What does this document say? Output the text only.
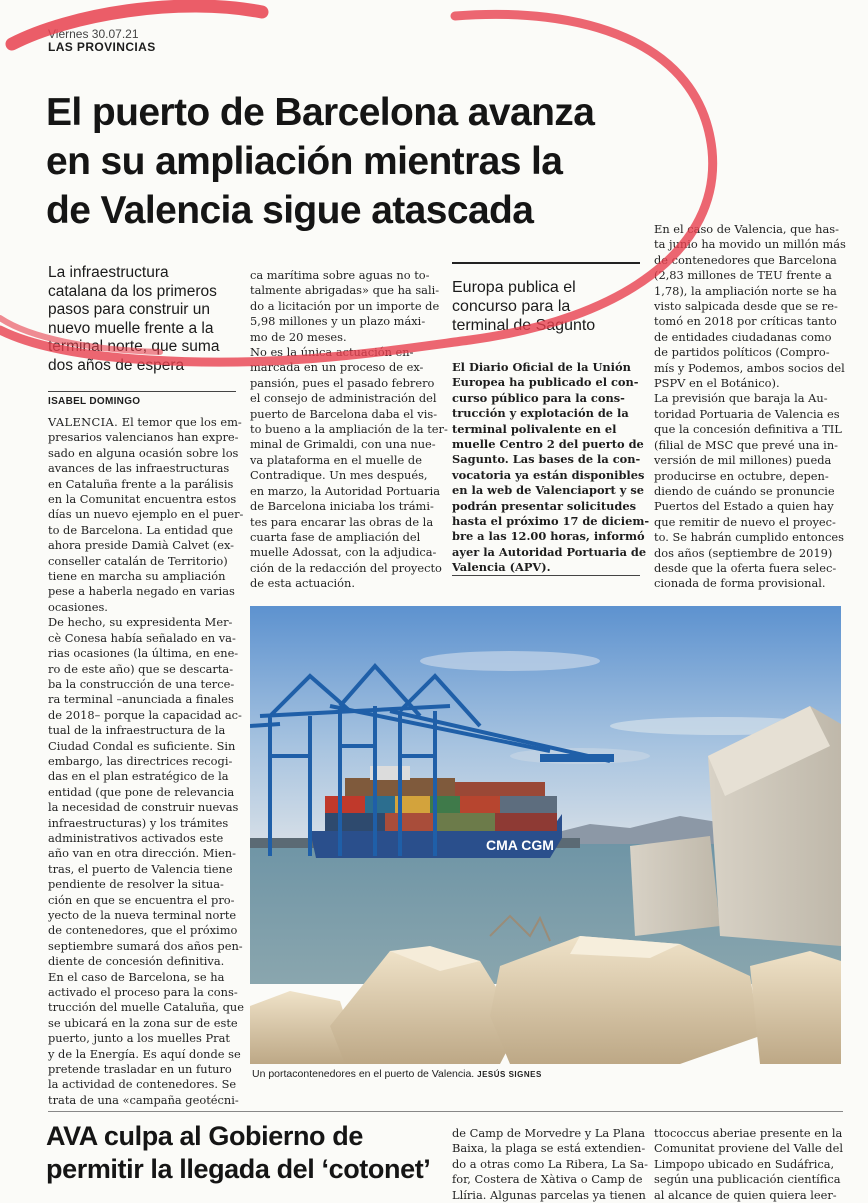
Viernes 30.07.21
LAS PROVINCIAS
El puerto de Barcelona avanza
en su ampliación mientras la
de Valencia sigue atascada
La infraestructura
catalana da los primeros
pasos para construir un
nuevo muelle frente a la
terminal norte, que suma
dos años de espera
ISABEL DOMINGO
VALENCIA. El temor que los em-
presarios valencianos han expre-
sado en alguna ocasión sobre los
avances de las infraestructuras
en Cataluña frente a la parálisis
en la Comunitat encuentra estos
días un nuevo ejemplo en el puer-
to de Barcelona. La entidad que
ahora preside Damià Calvet (ex-
conseller catalán de Territorio)
tiene en marcha su ampliación
pese a haberla negado en varias
ocasiones.
De hecho, su expresidenta Mer-
cè Conesa había señalado en va-
rias ocasiones (la última, en ene-
ro de este año) que se descarta-
ba la construcción de una terce-
ra terminal –anunciada a finales
de 2018– porque la capacidad ac-
tual de la infraestructura de la
Ciudad Condal es suficiente. Sin
embargo, las directrices recogi-
das en el plan estratégico de la
entidad (que pone de relevancia
la necesidad de construir nuevas
infraestructuras) y los trámites
administrativos activados este
año van en otra dirección. Mien-
tras, el puerto de Valencia tiene
pendiente de resolver la situa-
ción en que se encuentra el pro-
yecto de la nueva terminal norte
de contenedores, que el próximo
septiembre sumará dos años pen-
diente de concesión definitiva.
En el caso de Barcelona, se ha
activado el proceso para la cons-
trucción del muelle Cataluña, que
se ubicará en la zona sur de este
puerto, junto a los muelles Prat
y de la Energía. Es aquí donde se
pretende trasladar en un futuro
la actividad de contenedores. Se
trata de una «campaña geotécni-
ca marítima sobre aguas no to-
talmente abrigadas» que ha sali-
do a licitación por un importe de
5,98 millones y un plazo máxi-
mo de 20 meses.
No es la única actuación en-
marcada en un proceso de ex-
pansión, pues el pasado febrero
el consejo de administración del
puerto de Barcelona daba el vis-
to bueno a la ampliación de la ter-
minal de Grimaldi, con una nue-
va plataforma en el muelle de
Contradique. Un mes después,
en marzo, la Autoridad Portuaria
de Barcelona iniciaba los trámi-
tes para encarar las obras de la
cuarta fase de ampliación del
muelle Adossat, con la adjudica-
ción de la redacción del proyecto
de esta actuación.
En el caso de Valencia, que has-
ta junio ha movido un millón más
de contenedores que Barcelona
(2,83 millones de TEU frente a
1,78), la ampliación norte se ha
visto salpicada desde que se re-
tomó en 2018 por críticas tanto
de entidades ciudadanas como
de partidos políticos (Compro-
mís y Podemos, ambos socios del
PSPV en el Botánico).
La previsión que baraja la Au-
toridad Portuaria de Valencia es
que la concesión definitiva a TIL
(filial de MSC que prevé una in-
versión de mil millones) pueda
producirse en octubre, depen-
diendo de cuándo se pronuncie
Puertos del Estado a quien hay
que remitir de nuevo el proyec-
to. Se habrán cumplido entonces
dos años (septiembre de 2019)
desde que la oferta fuera selec-
cionada de forma provisional.
Europa publica el
concurso para la
terminal de Sagunto
El Diario Oficial de la Unión
Europea ha publicado el con-
curso público para la cons-
trucción y explotación de la
terminal polivalente en el
muelle Centro 2 del puerto de
Sagunto. Las bases de la con-
vocatoria ya están disponibles
en la web de Valenciaport y se
podrán presentar solicitudes
hasta el próximo 17 de diciem-
bre a las 12.00 horas, informó
ayer la Autoridad Portuaria de
Valencia (APV).
CMA CGM
Un portacontenedores en el puerto de Valencia. JESÚS SIGNES
AVA culpa al Gobierno de
permitir la llegada del ‘cotonet’
de Camp de Morvedre y La Plana
Baixa, la plaga se está extendien-
do a otras como La Ribera, La Sa-
for, Costera de Xàtiva o Camp de
Llíria. Algunas parcelas ya tienen
ttococcus aberiae presente en la
Comunitat proviene del Valle del
Limpopo ubicado en Sudáfrica,
según una publicación científica
al alcance de quien quiera leer-
